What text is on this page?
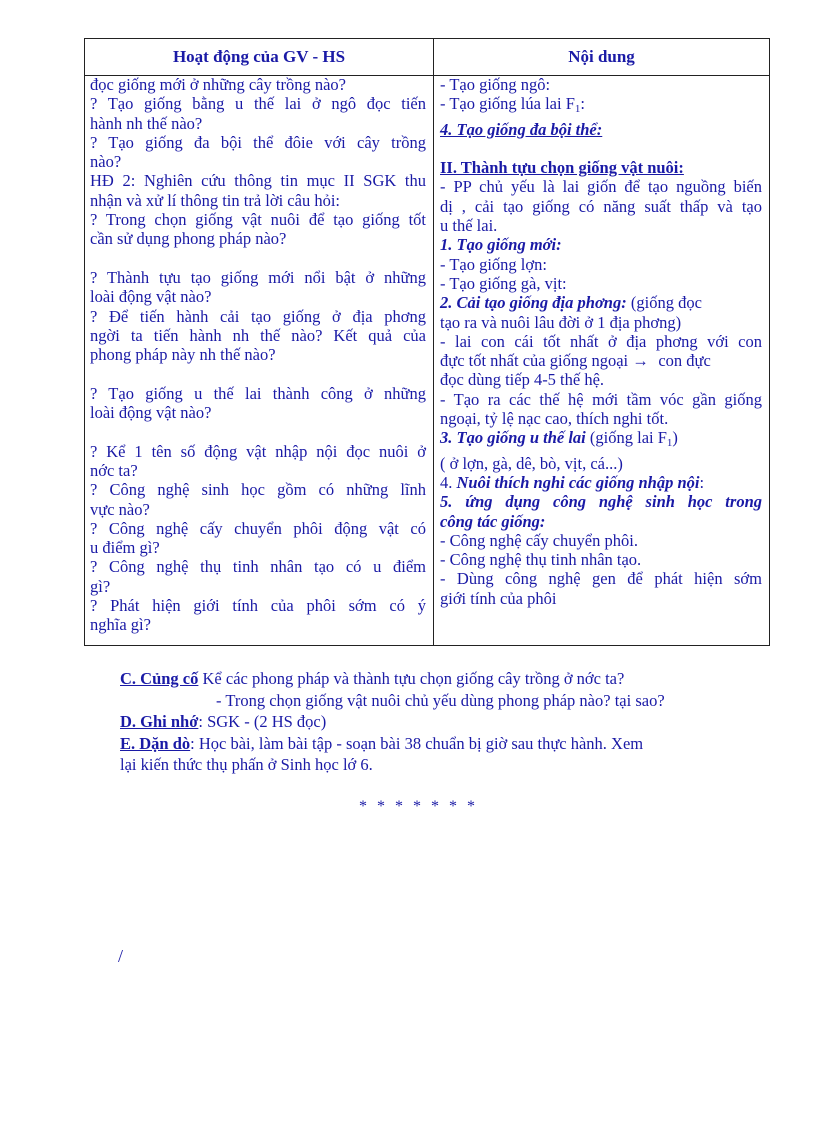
Hoạt động của GV - HS	Nội dung
đọc giống mới ở những cây trồng nào?
? Tạo giống bằng u thế lai ở ngô đọc tiến
hành nh thế nào?
? Tạo giống đa bội thể đôie với cây trồng
nào?
HĐ 2: Nghiên cứu thông tin mục II SGK thu
nhận và xử lí thông tin trả lời câu hỏi:
? Trong chọn giống vật nuôi để tạo giống tốt
cần sử dụng phong pháp nào?
? Thành tựu tạo giống mới nổi bật ở những
loài động vật nào?
? Để tiến hành cải tạo giống ở địa phơng
ngời ta tiến hành nh thế nào? Kết quả của
phong pháp này nh thế nào?
? Tạo giống u thế lai thành công ở những
loài động vật nào?
? Kể 1 tên số động vật nhập nội đọc nuôi ở
nớc ta?
? Công nghệ sinh học gồm có những lĩnh
vực nào?
? Công nghệ cấy chuyển phôi động vật có
u điểm gì?
? Công nghệ thụ tinh nhân tạo có u điểm
gì?
? Phát hiện giới tính của phôi sớm có ý
nghĩa gì?
- Tạo giống ngô:
- Tạo giống lúa lai $F_1$:
4. Tạo giống đa bội thể:
II. Thành tựu chọn giống vật nuôi:
- PP chủ yếu là lai giốn để tạo nguồng biến
dị , cải tạo giống có năng suất thấp và tạo
u thế lai.
1. Tạo giống mới:
- Tạo giống lợn:
- Tạo giống gà, vịt:
2. Cải tạo giống địa phơng: (giống đọc
tạo ra và nuôi lâu đời ở 1 địa phơng)
- lai con cái tốt nhất ở địa phơng với con
đực tốt nhất của giống ngoại → con đực
đọc dùng tiếp 4-5 thế hệ.
- Tạo ra các thế hệ mới tầm vóc gần giống
ngoại, tỷ lệ nạc cao, thích nghi tốt.
3. Tạo giống u thế lai (giống lai $F_1$)
( ở lợn, gà, dê, bò, vịt, cá...)
4. Nuôi thích nghi các giống nhập nội:
5. ứng dụng công nghệ sinh học trong
công tác giống:
- Công nghệ cấy chuyển phôi.
- Công nghệ thụ tinh nhân tạo.
- Dùng công nghệ gen để phát hiện sớm
giới tính của phôi
C. Củng cố Kể các phong pháp và thành tựu chọn giống cây trồng ở nớc ta?
- Trong chọn giống vật nuôi chủ yếu dùng phong pháp nào? tại sao?
D. Ghi nhớ: SGK - (2 HS đọc)
E. Dặn dò: Học bài, làm bài tập - soạn bài 38 chuẩn bị giờ sau thực hành. Xem
lại kiến thức thụ phấn ở Sinh học lớ 6.
* * * * * * *
/
